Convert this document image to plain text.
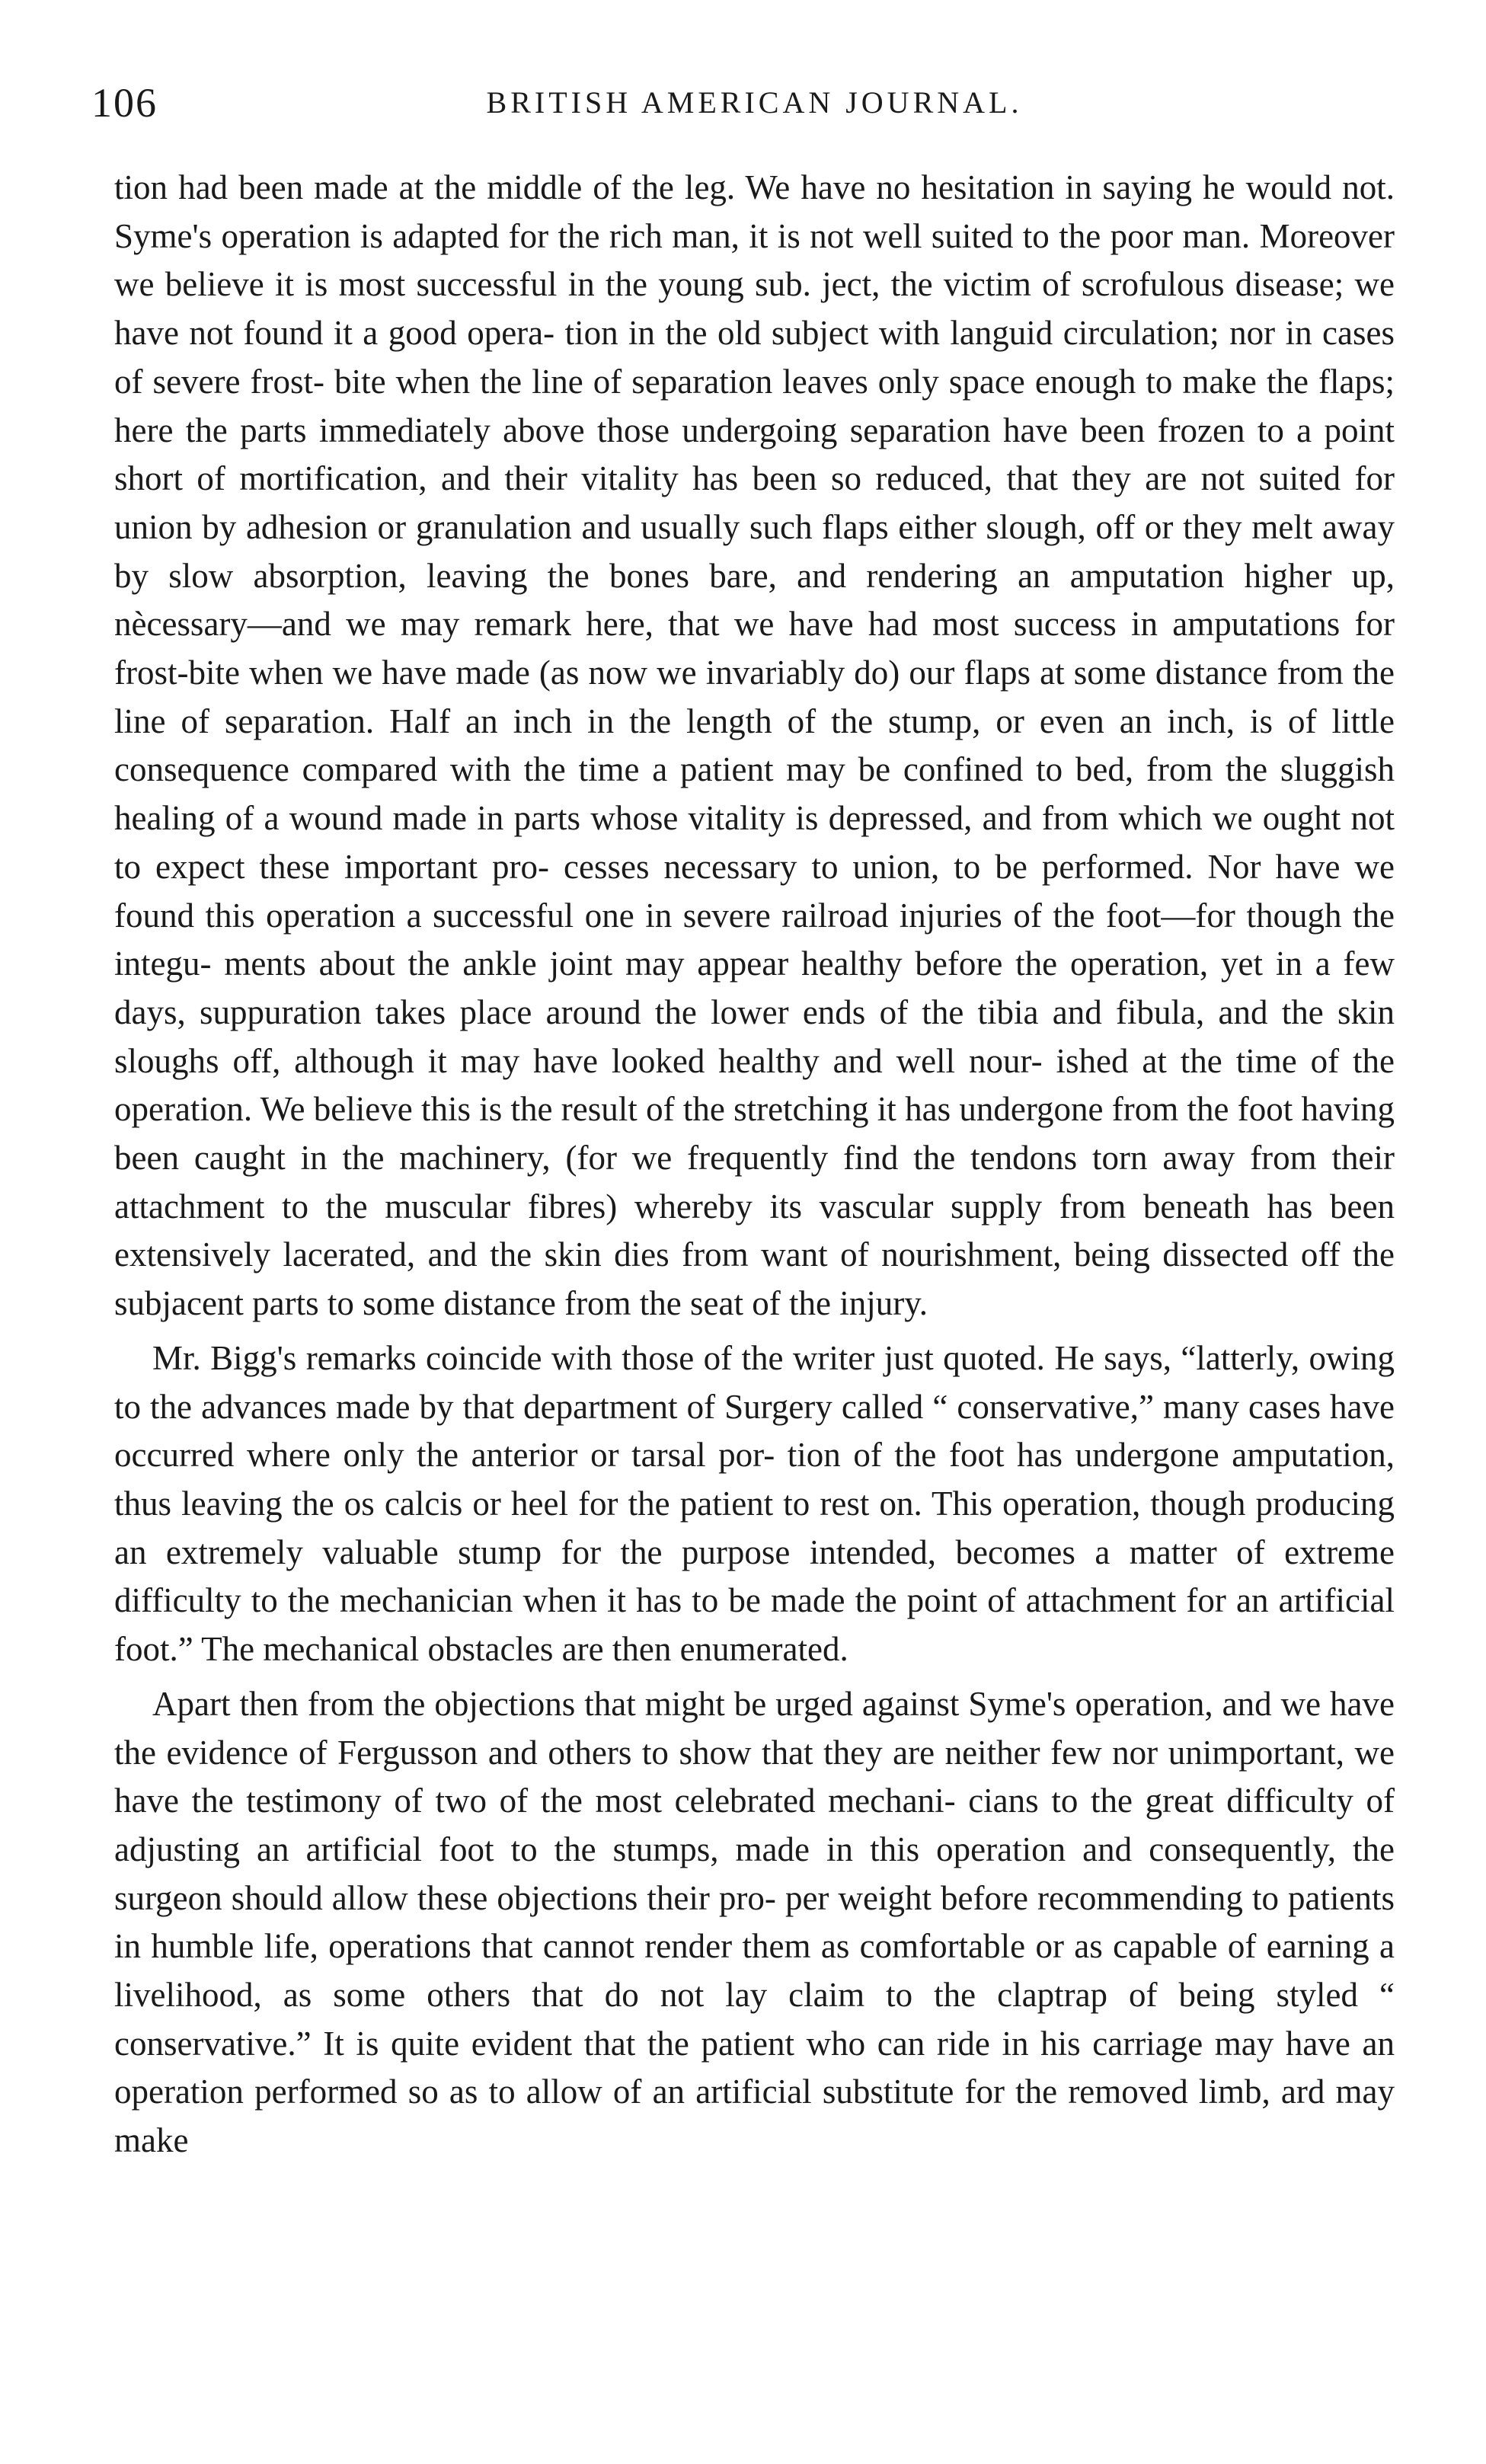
106	BRITISH AMERICAN JOURNAL.

tion had been made at the middle of the leg. We have no hesitation in saying he would not. Syme's operation is adapted for the rich man, it is not well suited to the poor man. Moreover we believe it is most successful in the young sub. ject, the victim of scrofulous disease; we have not found it a good opera- tion in the old subject with languid circulation; nor in cases of severe frost- bite when the line of separation leaves only space enough to make the flaps; here the parts immediately above those undergoing separation have been frozen to a point short of mortification, and their vitality has been so reduced, that they are not suited for union by adhesion or granulation and usually such flaps either slough, off or they melt away by slow absorption, leaving the bones bare, and rendering an amputation higher up, nècessary—and we may remark here, that we have had most success in amputations for frost-bite when we have made (as now we invariably do) our flaps at some distance from the line of separation. Half an inch in the length of the stump, or even an inch, is of little consequence compared with the time a patient may be confined to bed, from the sluggish healing of a wound made in parts whose vitality is depressed, and from which we ought not to expect these important pro- cesses necessary to union, to be performed. Nor have we found this operation a successful one in severe railroad injuries of the foot—for though the integu- ments about the ankle joint may appear healthy before the operation, yet in a few days, suppuration takes place around the lower ends of the tibia and fibula, and the skin sloughs off, although it may have looked healthy and well nour- ished at the time of the operation. We believe this is the result of the stretching it has undergone from the foot having been caught in the machinery, (for we frequently find the tendons torn away from their attachment to the muscular fibres) whereby its vascular supply from beneath has been extensively lacerated, and the skin dies from want of nourishment, being dissected off the subjacent parts to some distance from the seat of the injury.

Mr. Bigg's remarks coincide with those of the writer just quoted. He says, “latterly, owing to the advances made by that department of Surgery called “ conservative,” many cases have occurred where only the anterior or tarsal por- tion of the foot has undergone amputation, thus leaving the os calcis or heel for the patient to rest on. This operation, though producing an extremely valuable stump for the purpose intended, becomes a matter of extreme difficulty to the mechanician when it has to be made the point of attachment for an artificial foot.” The mechanical obstacles are then enumerated.

Apart then from the objections that might be urged against Syme's operation, and we have the evidence of Fergusson and others to show that they are neither few nor unimportant, we have the testimony of two of the most celebrated mechani- cians to the great difficulty of adjusting an artificial foot to the stumps, made in this operation and consequently, the surgeon should allow these objections their pro- per weight before recommending to patients in humble life, operations that cannot render them as comfortable or as capable of earning a livelihood, as some others that do not lay claim to the claptrap of being styled “ conservative.” It is quite evident that the patient who can ride in his carriage may have an operation performed so as to allow of an artificial substitute for the removed limb, ard may make
